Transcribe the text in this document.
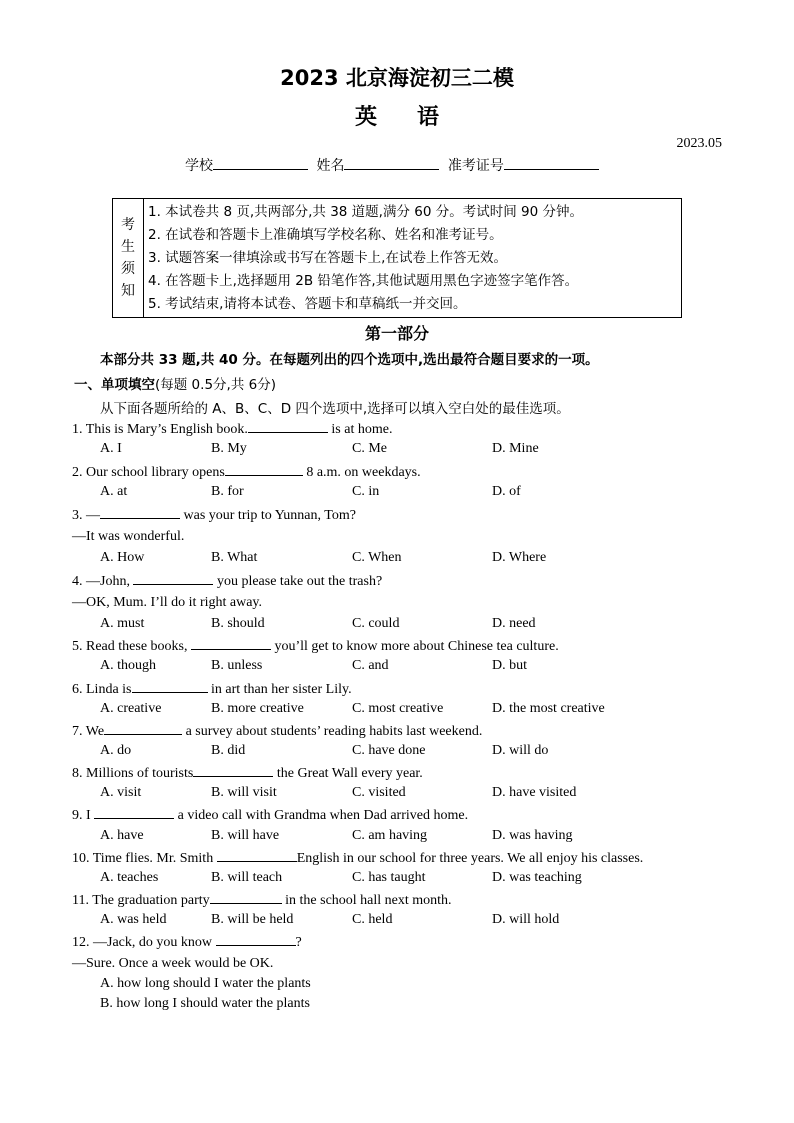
2023 北京海淀初三二模
英语
2023.05
学校	姓名	准考证号
考
生
须
知
1. 本试卷共 8 页,共两部分,共 38 道题,满分 60 分。考试时间 90 分钟。
2. 在试卷和答题卡上准确填写学校名称、姓名和准考证号。
3. 试题答案一律填涂或书写在答题卡上,在试卷上作答无效。
4. 在答题卡上,选择题用 2B 铅笔作答,其他试题用黑色字迹签字笔作答。
5. 考试结束,请将本试卷、答题卡和草稿纸一并交回。
第一部分
本部分共 33 题,共 40 分。在每题列出的四个选项中,选出最符合题目要求的一项。
一、单项填空(每题 0.5分,共 6分)
从下面各题所给的 A、B、C、D 四个选项中,选择可以填入空白处的最佳选项。
1. This is Mary’s English book.	is at home.
A. I	B. My	C. Me	D. Mine
2. Our school library opens	8 a.m. on weekdays.
A. at	B. for	C. in	D. of
3. —	was your trip to Yunnan, Tom?
—It was wonderful.
A. How	B. What	C. When	D. Where
4. —John,	you please take out the trash?
—OK, Mum. I’ll do it right away.
A. must	B. should	C. could	D. need
5. Read these books,	you’ll get to know more about Chinese tea culture.
A. though	B. unless	C. and	D. but
6. Linda is	in art than her sister Lily.
A. creative	B. more creative	C. most creative	D. the most creative
7. We	a survey about students’ reading habits last weekend.
A. do	B. did	C. have done	D. will do
8. Millions of tourists	the Great Wall every year.
A. visit	B. will visit	C. visited	D. have visited
9. I	a video call with Grandma when Dad arrived home.
A. have	B. will have	C. am having	D. was having
10. Time flies. Mr. Smith	English in our school for three years. We all enjoy his classes.
A. teaches	B. will teach	C. has taught	D. was teaching
11. The graduation party	in the school hall next month.
A. was held	B. will be held	C. held	D. will hold
12. —Jack, do you know	?
—Sure. Once a week would be OK.
A. how long should I water the plants
B. how long I should water the plants
